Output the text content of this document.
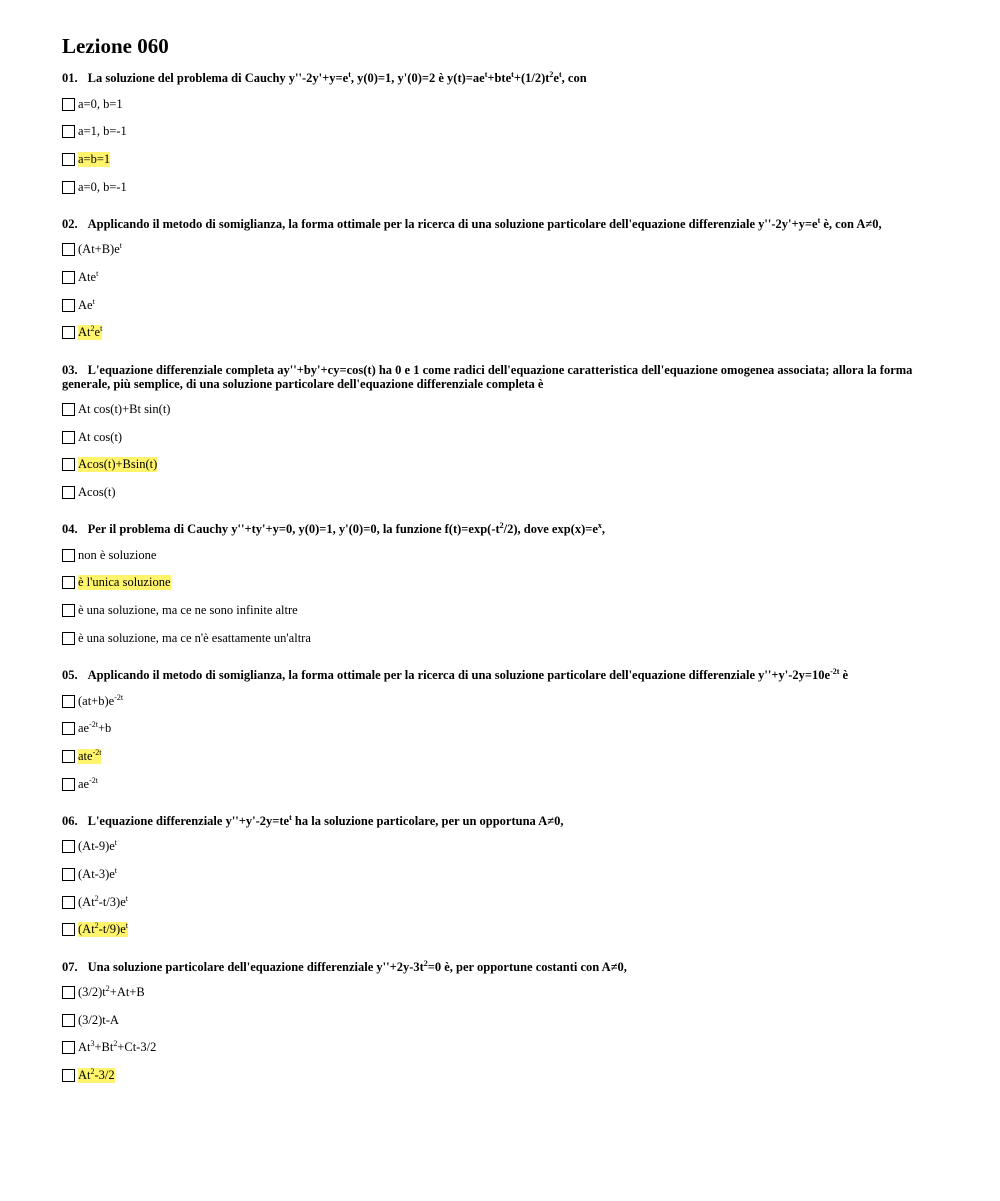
Lezione 060
01. La soluzione del problema di Cauchy $y''-2y'+y=e^t$, y(0)=1, y'(0)=2 è $y(t)=ae^t+bte^t+(1/2)t^2e^t$, con
a=0, b=1
a=1, b=-1
a=b=1
a=0, b=-1
02. Applicando il metodo di somiglianza, la forma ottimale per la ricerca di una soluzione particolare dell'equazione differenziale $y''-2y'+y=e^t$ è, con A≠0,
$(At+B)e^t$
Ate$^t$
Ae$^t$
$At^2e^t$
03. L'equazione differenziale completa ay''+by'+cy=cos(t) ha 0 e 1 come radici dell'equazione caratteristica dell'equazione omogenea associata; allora la forma generale, più semplice, di una soluzione particolare dell'equazione differenziale completa è
At cos(t)+Bt sin(t)
At cos(t)
Acos(t)+Bsin(t)
Acos(t)
04. Per il problema di Cauchy y''+ty'+y=0, y(0)=1, y'(0)=0, la funzione $f(t)=\exp(-t^2/2)$, dove $\exp(x)=e^x$,
non è soluzione
è l'unica soluzione
è una soluzione, ma ce ne sono infinite altre
è una soluzione, ma ce n'è esattamente un'altra
05. Applicando il metodo di somiglianza, la forma ottimale per la ricerca di una soluzione particolare dell'equazione differenziale $y''+y'-2y=10e^{-2t}$ è
$(at+b)e^{-2t}$
$ae^{-2t}+b$
ate$^{-2t}$
$ae^{-2t}$
06. L'equazione differenziale $y''+y'-2y=te^t$ ha la soluzione particolare, per un opportuna A≠0,
$(At-9)e^t$
$(At-3)e^t$
$(At^2-t/3)e^t$
$(At^2-t/9)e^t$
07. Una soluzione particolare dell'equazione differenziale $y''+2y-3t^2=0$ è, per opportune costanti con A≠0,
$(3/2)t^2+At+B$
(3/2)t-A
$At^3+Bt^2+Ct-3/2$
At$^2$-3/2
